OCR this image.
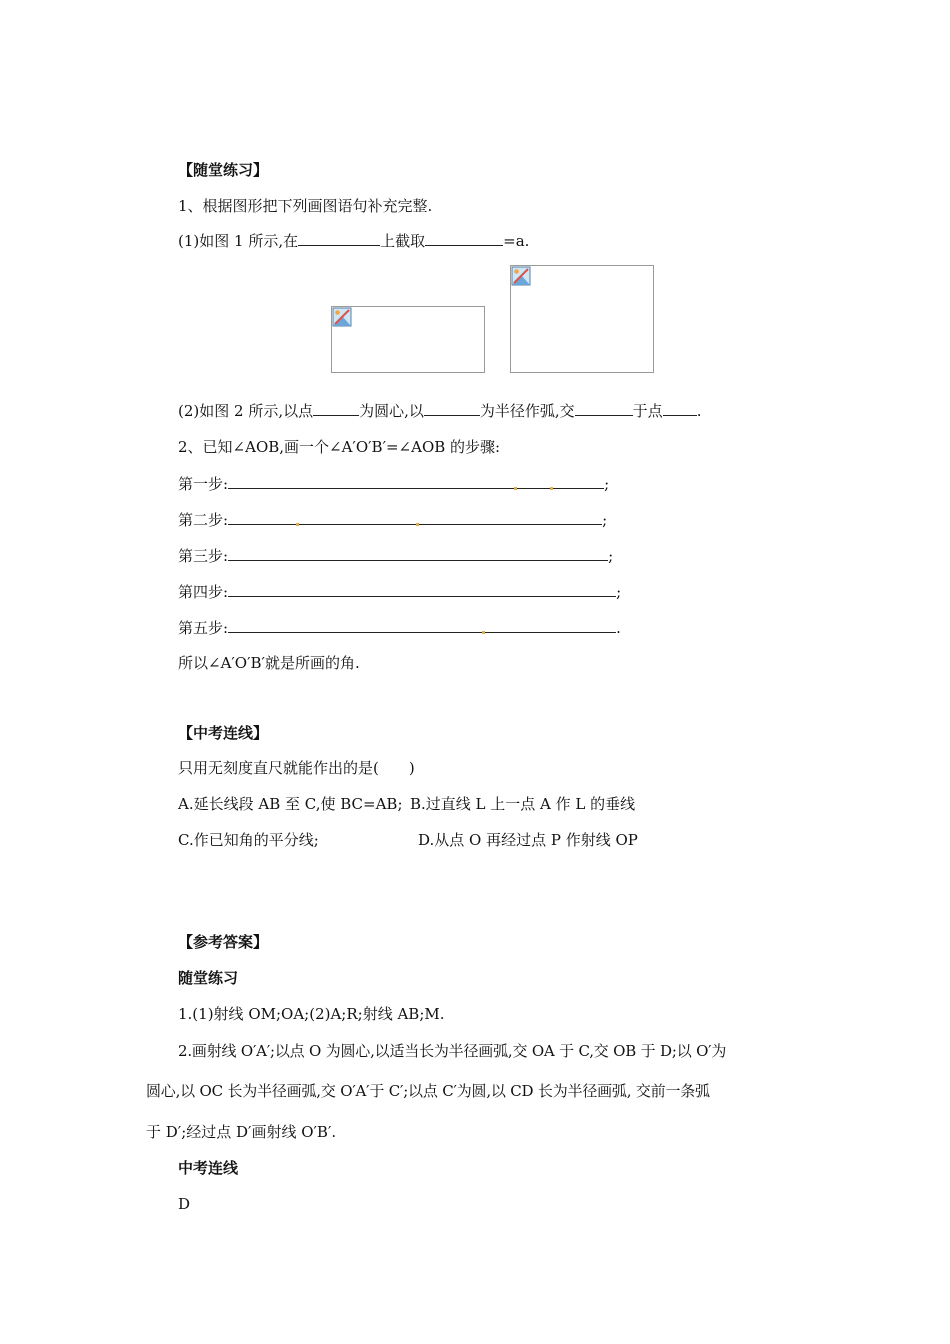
【随堂练习】
1、根据图形把下列画图语句补充完整.
(1)如图 1 所示,在	上截取	=a.
(2)如图 2 所示,以点	为圆心,以	为半径作弧,交	于点 .
2、已知∠AOB,画一个∠A′O′B′=∠AOB 的步骤:
第一步:	;
第二步:	;
第三步:	;
第四步:	;
第五步:	.
所以∠A′O′B′就是所画的角.
【中考连线】
只用无刻度直尺就能作出的是(　　)
A.延长线段 AB 至 C,使 BC=AB; B.过直线 L 上一点 A 作 L 的垂线
C.作已知角的平分线;	D.从点 O 再经过点 P 作射线 OP
【参考答案】
随堂练习
1.(1)射线 OM;OA;(2)A;R;射线 AB;M.
2.画射线 O′A′;以点 O 为圆心,以适当长为半径画弧,交 OA 于 C,交 OB 于 D;以 O′为
圆心,以 OC 长为半径画弧,交 O′A′于 C′;以点 C′为圆,以 CD 长为半径画弧, 交前一条弧
于 D′;经过点 D′画射线 O′B′.
中考连线
D
